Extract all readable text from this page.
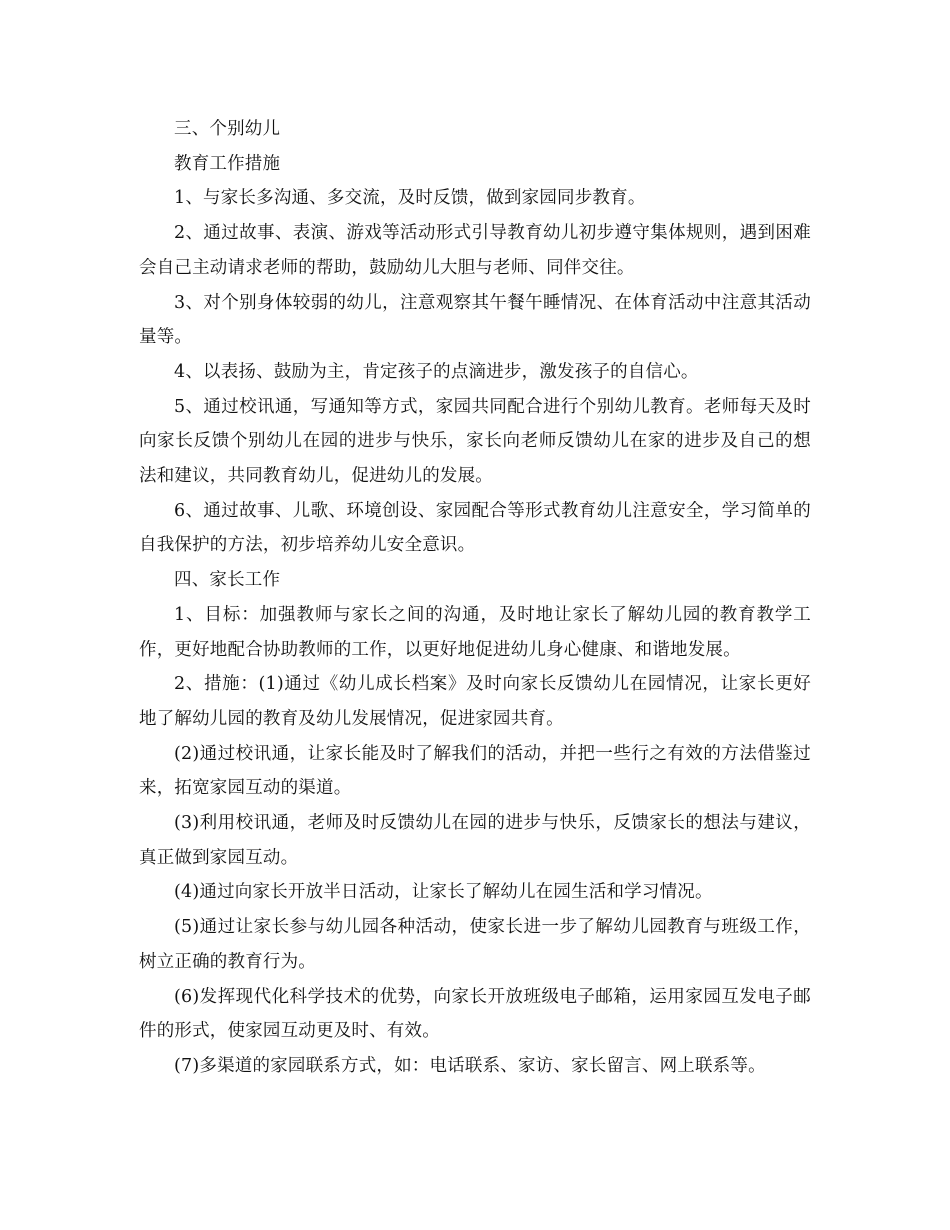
三、个别幼儿

教育工作措施

1、与家长多沟通、多交流，及时反馈，做到家园同步教育。

2、通过故事、表演、游戏等活动形式引导教育幼儿初步遵守集体规则，遇到困难会自己主动请求老师的帮助，鼓励幼儿大胆与老师、同伴交往。

3、对个别身体较弱的幼儿，注意观察其午餐午睡情况、在体育活动中注意其活动量等。

4、以表扬、鼓励为主，肯定孩子的点滴进步，激发孩子的自信心。

5、通过校讯通，写通知等方式，家园共同配合进行个别幼儿教育。老师每天及时向家长反馈个别幼儿在园的进步与快乐，家长向老师反馈幼儿在家的进步及自己的想法和建议，共同教育幼儿，促进幼儿的发展。

6、通过故事、儿歌、环境创设、家园配合等形式教育幼儿注意安全，学习简单的自我保护的方法，初步培养幼儿安全意识。

四、家长工作

1、目标：加强教师与家长之间的沟通，及时地让家长了解幼儿园的教育教学工作，更好地配合协助教师的工作，以更好地促进幼儿身心健康、和谐地发展。

2、措施：(1)通过《幼儿成长档案》及时向家长反馈幼儿在园情况，让家长更好地了解幼儿园的教育及幼儿发展情况，促进家园共育。

(2)通过校讯通，让家长能及时了解我们的活动，并把一些行之有效的方法借鉴过来，拓宽家园互动的渠道。

(3)利用校讯通，老师及时反馈幼儿在园的进步与快乐，反馈家长的想法与建议，真正做到家园互动。

(4)通过向家长开放半日活动，让家长了解幼儿在园生活和学习情况。

(5)通过让家长参与幼儿园各种活动，使家长进一步了解幼儿园教育与班级工作，树立正确的教育行为。

(6)发挥现代化科学技术的优势，向家长开放班级电子邮箱，运用家园互发电子邮件的形式，使家园互动更及时、有效。

(7)多渠道的家园联系方式，如：电话联系、家访、家长留言、网上联系等。
